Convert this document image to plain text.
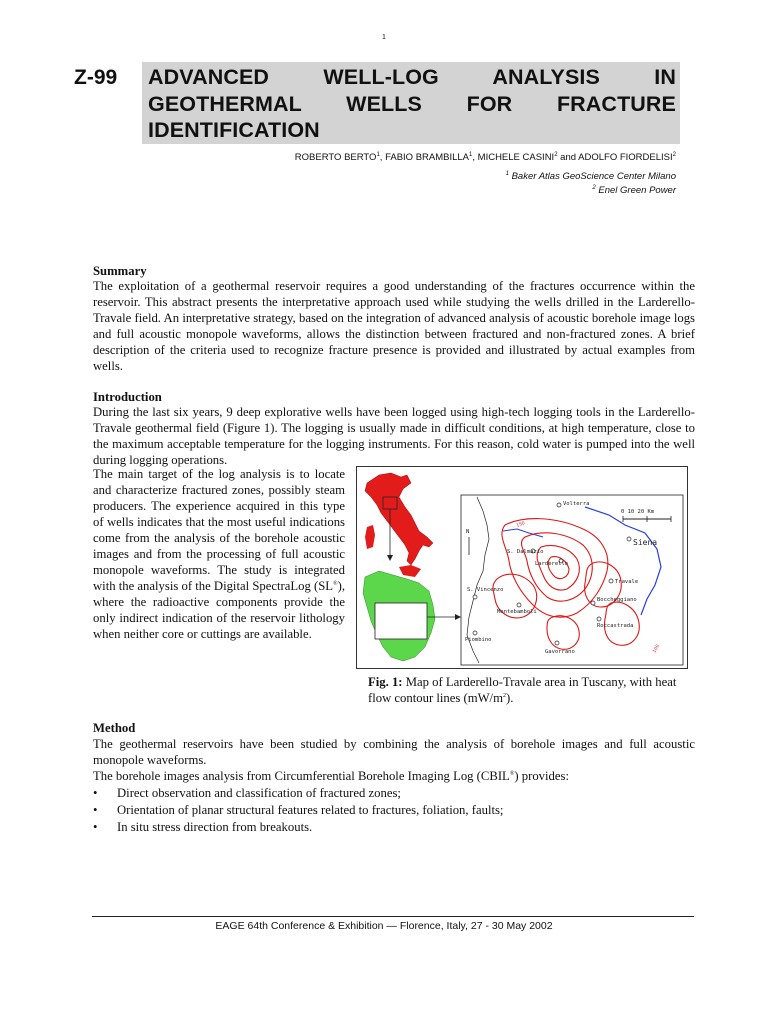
1
Z-99 ADVANCED WELL-LOG ANALYSIS IN GEOTHERMAL WELLS FOR FRACTURE IDENTIFICATION
ROBERTO BERTO$^1$, FABIO BRAMBILLA$^1$, MICHELE CASINI$^2$ and ADOLFO FIORDELISI$^2$
$^1$ Baker Atlas GeoScience Center Milano
$^2$ Enel Green Power
Summary
The exploitation of a geothermal reservoir requires a good understanding of the fractures occurrence within the reservoir. This abstract presents the interpretative approach used while studying the wells drilled in the Larderello-Travale field. An interpretative strategy, based on the integration of advanced analysis of acoustic borehole image logs and full acoustic monopole waveforms, allows the distinction between fractured and non-fractured zones. A brief description of the criteria used to recognize fracture presence is provided and illustrated by actual examples from wells.
Introduction
During the last six years, 9 deep explorative wells have been logged using high-tech logging tools in the Larderello-Travale geothermal field (Figure 1). The logging is usually made in difficult conditions, at high temperature, close to the maximum acceptable temperature for the logging instruments. For this reason, cold water is pumped into the well during logging operations.
The main target of the log analysis is to locate and characterize fractured zones, possibly steam producers. The experience acquired in this type of wells indicates that the most useful indications come from the analysis of the borehole acoustic images and from the processing of full acoustic monopole waveforms. The study is integrated with the analysis of the Digital SpectraLog (SL®), where the radioactive components provide the only indirect indication of the reservoir lithology when neither core or cuttings are available.
Volterra
0 10 20 Km
N
S. Dalmazio
Larderello
Travale
S. Vincenzo
Montebamboli
Boccheggiano
Roccastrada
Piombino
Gavorrano
Siena
150
100
Fig. 1: Map of Larderello-Travale area in Tuscany, with heat flow contour lines $(mW/m^2)$.
Method
The geothermal reservoirs have been studied by combining the analysis of borehole images and full acoustic monopole waveforms.
The borehole images analysis from Circumferential Borehole Imaging Log (CBIL®) provides:
• Direct observation and classification of fractured zones;
• Orientation of planar structural features related to fractures, foliation, faults;
• In situ stress direction from breakouts.
EAGE 64th Conference & Exhibition — Florence, Italy, 27 - 30 May 2002
